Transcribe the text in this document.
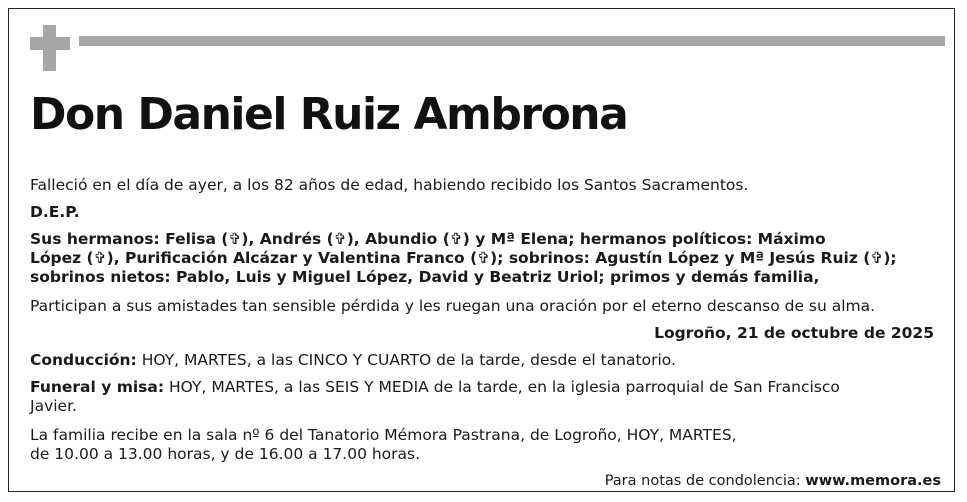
Don Daniel Ruiz Ambrona
Falleció en el día de ayer, a los 82 años de edad, habiendo recibido los Santos Sacramentos.
D.E.P.
Sus hermanos: Felisa (✞), Andrés (✞), Abundio (✞) y Mª Elena; hermanos políticos: Máximo
López (✞), Purificación Alcázar y Valentina Franco (✞); sobrinos: Agustín López y Mª Jesús Ruiz (✞);
sobrinos nietos: Pablo, Luis y Miguel López, David y Beatriz Uriol; primos y demás familia,
Participan a sus amistades tan sensible pérdida y les ruegan una oración por el eterno descanso de su alma.
Logroño, 21 de octubre de 2025
Conducción: HOY, MARTES, a las CINCO Y CUARTO de la tarde, desde el tanatorio.
Funeral y misa: HOY, MARTES, a las SEIS Y MEDIA de la tarde, en la iglesia parroquial de San Francisco
Javier.
La familia recibe en la sala nº 6 del Tanatorio Mémora Pastrana, de Logroño, HOY, MARTES,
de 10.00 a 13.00 horas, y de 16.00 a 17.00 horas.
Para notas de condolencia: www.memora.es
